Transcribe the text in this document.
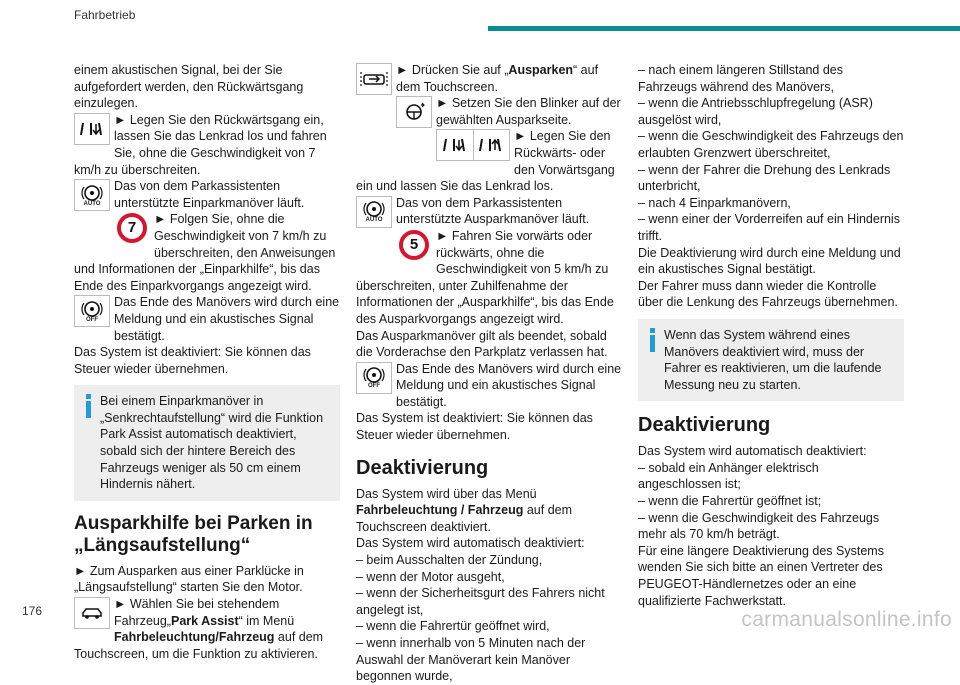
Fahrbetrieb

einem akustischen Signal, bei der Sie aufgefordert werden, den Rückwärtsgang einzulegen.

► Legen Sie den Rückwärtsgang ein, lassen Sie das Lenkrad los und fahren Sie, ohne die Geschwindigkeit von 7 km/h zu überschreiten.

AUTO

Das von dem Parkassistenten unterstützte Einparkmanöver läuft.

7	► Folgen Sie, ohne die Geschwindigkeit von 7 km/h zu überschreiten, den Anweisungen und Informationen der „Einparkhilfe“, bis das Ende des Einparkvorgangs angezeigt wird.

OFF

Das Ende des Manövers wird durch eine Meldung und ein akustisches Signal bestätigt.

Das System ist deaktiviert: Sie können das Steuer wieder übernehmen.

Bei einem Einparkmanöver in „Senkrechtaufstellung“ wird die Funktion Park Assist automatisch deaktiviert, sobald sich der hintere Bereich des Fahrzeugs weniger als 50 cm einem Hindernis nähert.

Ausparkhilfe bei Parken in „Längsaufstellung“

► Zum Ausparken aus einer Parklücke in „Längsaufstellung“ starten Sie den Motor.

► Wählen Sie bei stehendem Fahrzeug„Park Assist“ im Menü Fahrbeleuchtung/Fahrzeug auf dem Touchscreen, um die Funktion zu aktivieren.

► Drücken Sie auf „Ausparken“ auf dem Touchscreen.

► Setzen Sie den Blinker auf der gewählten Ausparkseite.

► Legen Sie den Rückwärts- oder den Vorwärtsgang ein und lassen Sie das Lenkrad los.

AUTO

Das von dem Parkassistenten unterstützte Ausparkmanöver läuft.

5	► Fahren Sie vorwärts oder rückwärts, ohne die Geschwindigkeit von 5 km/h zu überschreiten, unter Zuhilfenahme der Informationen der „Ausparkhilfe“, bis das Ende des Ausparkvorgangs angezeigt wird.

Das Ausparkmanöver gilt als beendet, sobald die Vorderachse den Parkplatz verlassen hat.

OFF

Das Ende des Manövers wird durch eine Meldung und ein akustisches Signal bestätigt.

Das System ist deaktiviert: Sie können das Steuer wieder übernehmen.

Deaktivierung

Das System wird über das Menü Fahrbeleuchtung / Fahrzeug auf dem Touchscreen deaktiviert.

Das System wird automatisch deaktiviert:

– beim Ausschalten der Zündung,

– wenn der Motor ausgeht,

– wenn der Sicherheitsgurt des Fahrers nicht angelegt ist,

– wenn die Fahrertür geöffnet wird,

– wenn innerhalb von 5 Minuten nach der Auswahl der Manöverart kein Manöver begonnen wurde,

– nach einem längeren Stillstand des Fahrzeugs während des Manövers,

– wenn die Antriebsschlupfregelung (ASR) ausgelöst wird,

– wenn die Geschwindigkeit des Fahrzeugs den erlaubten Grenzwert überschreitet,

– wenn der Fahrer die Drehung des Lenkrads unterbricht,

– nach 4 Einparkmanövern,

– wenn einer der Vorderreifen auf ein Hindernis trifft.

Die Deaktivierung wird durch eine Meldung und ein akustisches Signal bestätigt.

Der Fahrer muss dann wieder die Kontrolle über die Lenkung des Fahrzeugs übernehmen.

Wenn das System während eines Manövers deaktiviert wird, muss der Fahrer es reaktivieren, um die laufende Messung neu zu starten.

Deaktivierung

Das System wird automatisch deaktiviert:

– sobald ein Anhänger elektrisch angeschlossen ist;

– wenn die Fahrertür geöffnet ist;

– wenn die Geschwindigkeit des Fahrzeugs mehr als 70 km/h beträgt.

Für eine längere Deaktivierung des Systems wenden Sie sich bitte an einen Vertreter des PEUGEOT-Händlernetzes oder an eine qualifizierte Fachwerkstatt.

176	carmanualsonline.info
